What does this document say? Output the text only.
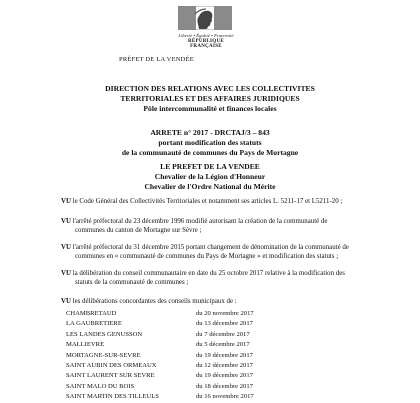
Liberté • Égalité • Fraternité
RÉPUBLIQUE FRANÇAISE
PRÉFET DE LA VENDÉE
DIRECTION DES RELATIONS AVEC LES COLLECTIVITES
TERRITORIALES ET DES AFFAIRES JURIDIQUES
Pôle intercommunalité et finances locales
ARRETE n° 2017 - DRCTAJ/3 – 843
portant modification des statuts
de la communauté de communes du Pays de Mortagne
LE PREFET DE LA VENDEE
Chevalier de la Légion d'Honneur
Chevalier de l'Ordre National du Mérite
VU le Code Général des Collectivités Territoriales et notamment ses articles L. 5211-17 et L5211-20 ;
VU l'arrêté préfectoral du 23 décembre 1996 modifié autorisant la création de la communauté de
communes du canton de Mortagne sur Sèvre ;
VU l'arrêté préfectoral du 31 décembre 2015 portant changement de dénomination de la communauté de
communes en « communauté de communes du Pays de Mortagne » et modification des statuts ;
VU la délibération du conseil communautaire en date du 25 octobre 2017 relative à la modification des
statuts de la communauté de communes ;
VU les délibérations concordantes des conseils municipaux de :
CHAMBRETAUD	du 20 novembre 2017
LA GAUBRETIERE	du 13 décembre 2017
LES LANDES GENUSSON	du 7 décembre 2017
MALLIEVRE	du 5 décembre 2017
MORTAGNE-SUR-SEVRE	du 19 décembre 2017
SAINT AUBIN DES ORMEAUX	du 12 décembre 2017
SAINT LAURENT SUR SEVRE	du 19 décembre 2017
SAINT MALO DU BOIS	du 18 décembre 2017
SAINT MARTIN DES TILLEULS	du 16 novembre 2017
